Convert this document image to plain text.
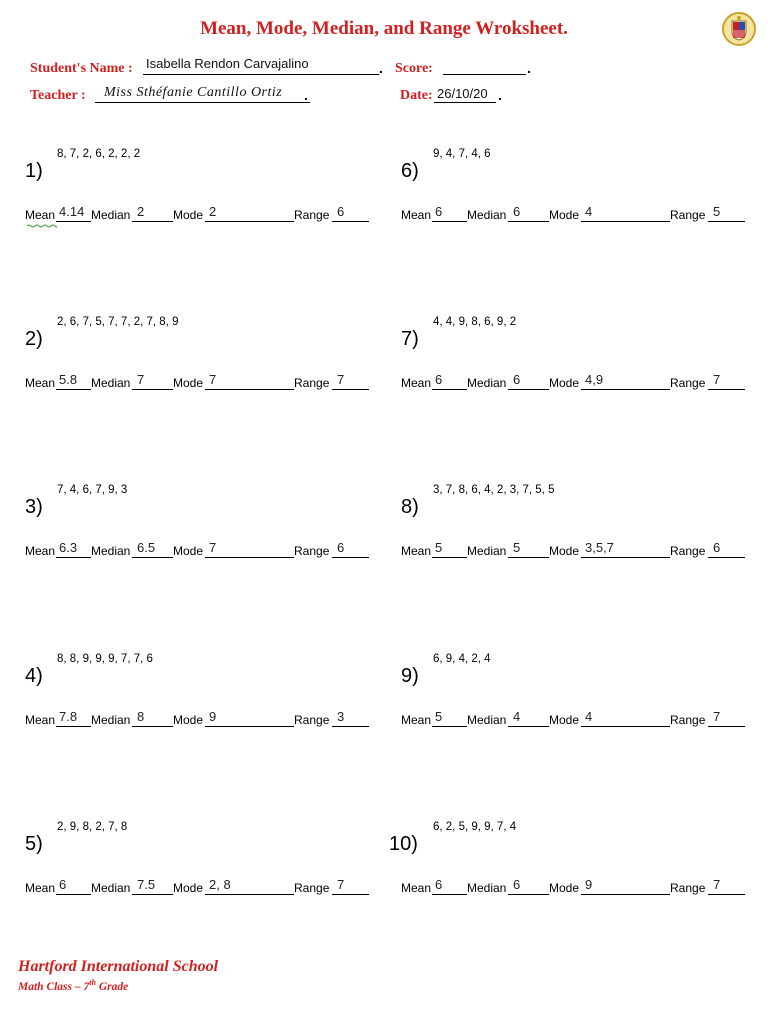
Mean, Mode, Median, and Range Wroksheet.
Student's Name : Isabella Rendon Carvajalino	. Score:	.
Teacher : Miss Sthéfanie Cantillo Ortiz .	Date: 26/10/20 .
1)
8, 7, 2, 6, 2, 2, 2
Mean 4.14 Median 2 Mode 2	Range 6
6)
9, 4, 7, 4, 6
Mean 6 Median 6 Mode 4	Range 5
2)
2, 6, 7, 5, 7, 7, 2, 7, 8, 9
Mean 5.8 Median 7 Mode 7	Range 7
7)
4, 4, 9, 8, 6, 9, 2
Mean 6 Median 6 Mode 4,9	Range 7
3)
7, 4, 6, 7, 9, 3
Mean 6.3 Median 6.5 Mode 7	Range 6
8)
3, 7, 8, 6, 4, 2, 3, 7, 5, 5
Mean 5 Median 5 Mode 3,5,7	Range 6
4)
8, 8, 9, 9, 9, 7, 7, 6
Mean 7.8 Median 8 Mode 9	Range 3
9)
6, 9, 4, 2, 4
Mean 5 Median 4 Mode 4	Range 7
5)
2, 9, 8, 2, 7, 8
Mean 6 Median 7.5 Mode 2, 8	Range 7
10)
6, 2, 5, 9, 9, 7, 4
Mean 6 Median 6 Mode 9	Range 7
Hartford International School
Math Class – 7th Grade
